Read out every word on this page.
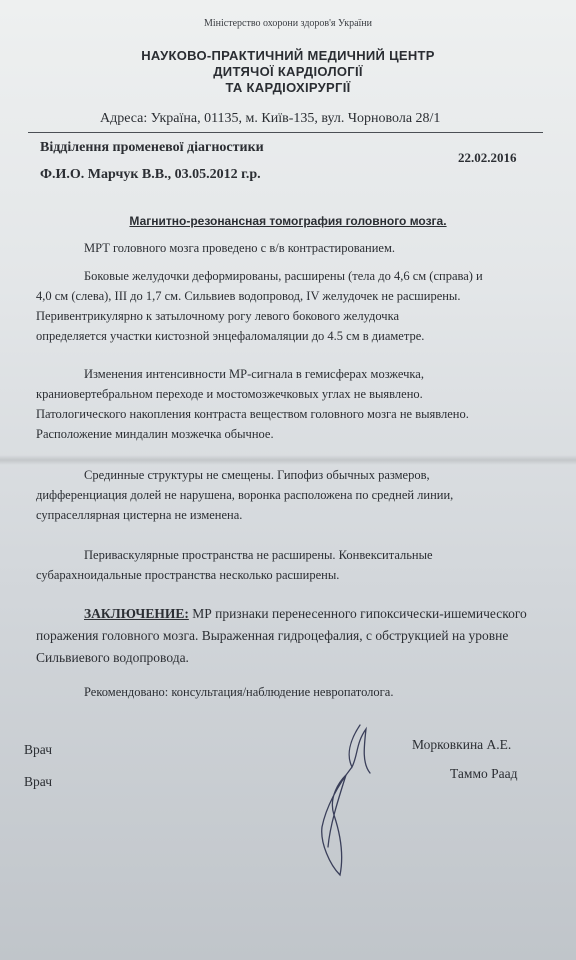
Міністерство охорони здоров'я України
НАУКОВО-ПРАКТИЧНИЙ МЕДИЧНИЙ ЦЕНТР
ДИТЯЧОЇ КАРДІОЛОГІЇ
ТА КАРДІОХІРУРГІЇ
Адреса: Україна, 01135, м. Київ-135, вул. Чорновола 28/1
Відділення променевої діагностики
22.02.2016
Ф.И.О. Марчук В.В., 03.05.2012 г.р.
Магнитно-резонансная томография головного мозга.

МРТ головного мозга проведено с в/в контрастированием.

Боковые желудочки деформированы, расширены (тела до 4,6 см (справа) и
4,0 см (слева), III до 1,7 см. Сильвиев водопровод, IV желудочек не расширены.
Перивентрикулярно к затылочному рогу левого бокового желудочка
определяется участки кистозной энцефаломаляции до 4.5 см в диаметре.

Изменения интенсивности МР-сигнала в гемисферах мозжечка,
краниовертебральном переходе и мостомозжечковых углах не выявлено.
Патологического накопления контраста веществом головного мозга не выявлено.
Расположение миндалин мозжечка обычное.

Срединные структуры не смещены. Гипофиз обычных размеров,
дифференциация долей не нарушена, воронка расположена по средней линии,
супраселлярная цистерна не изменена.

Периваскулярные пространства не расширены. Конвекситальные
субарахноидальные пространства несколько расширены.

ЗАКЛЮЧЕНИЕ: МР признаки перенесенного гипоксически-ишемического
поражения головного мозга. Выраженная гидроцефалия, с обструкцией на уровне
Сильвиевого водопровода.

Рекомендовано: консультация/наблюдение невропатолога.

Врач
Врач
Морковкина А.Е.
Таммо Раад
